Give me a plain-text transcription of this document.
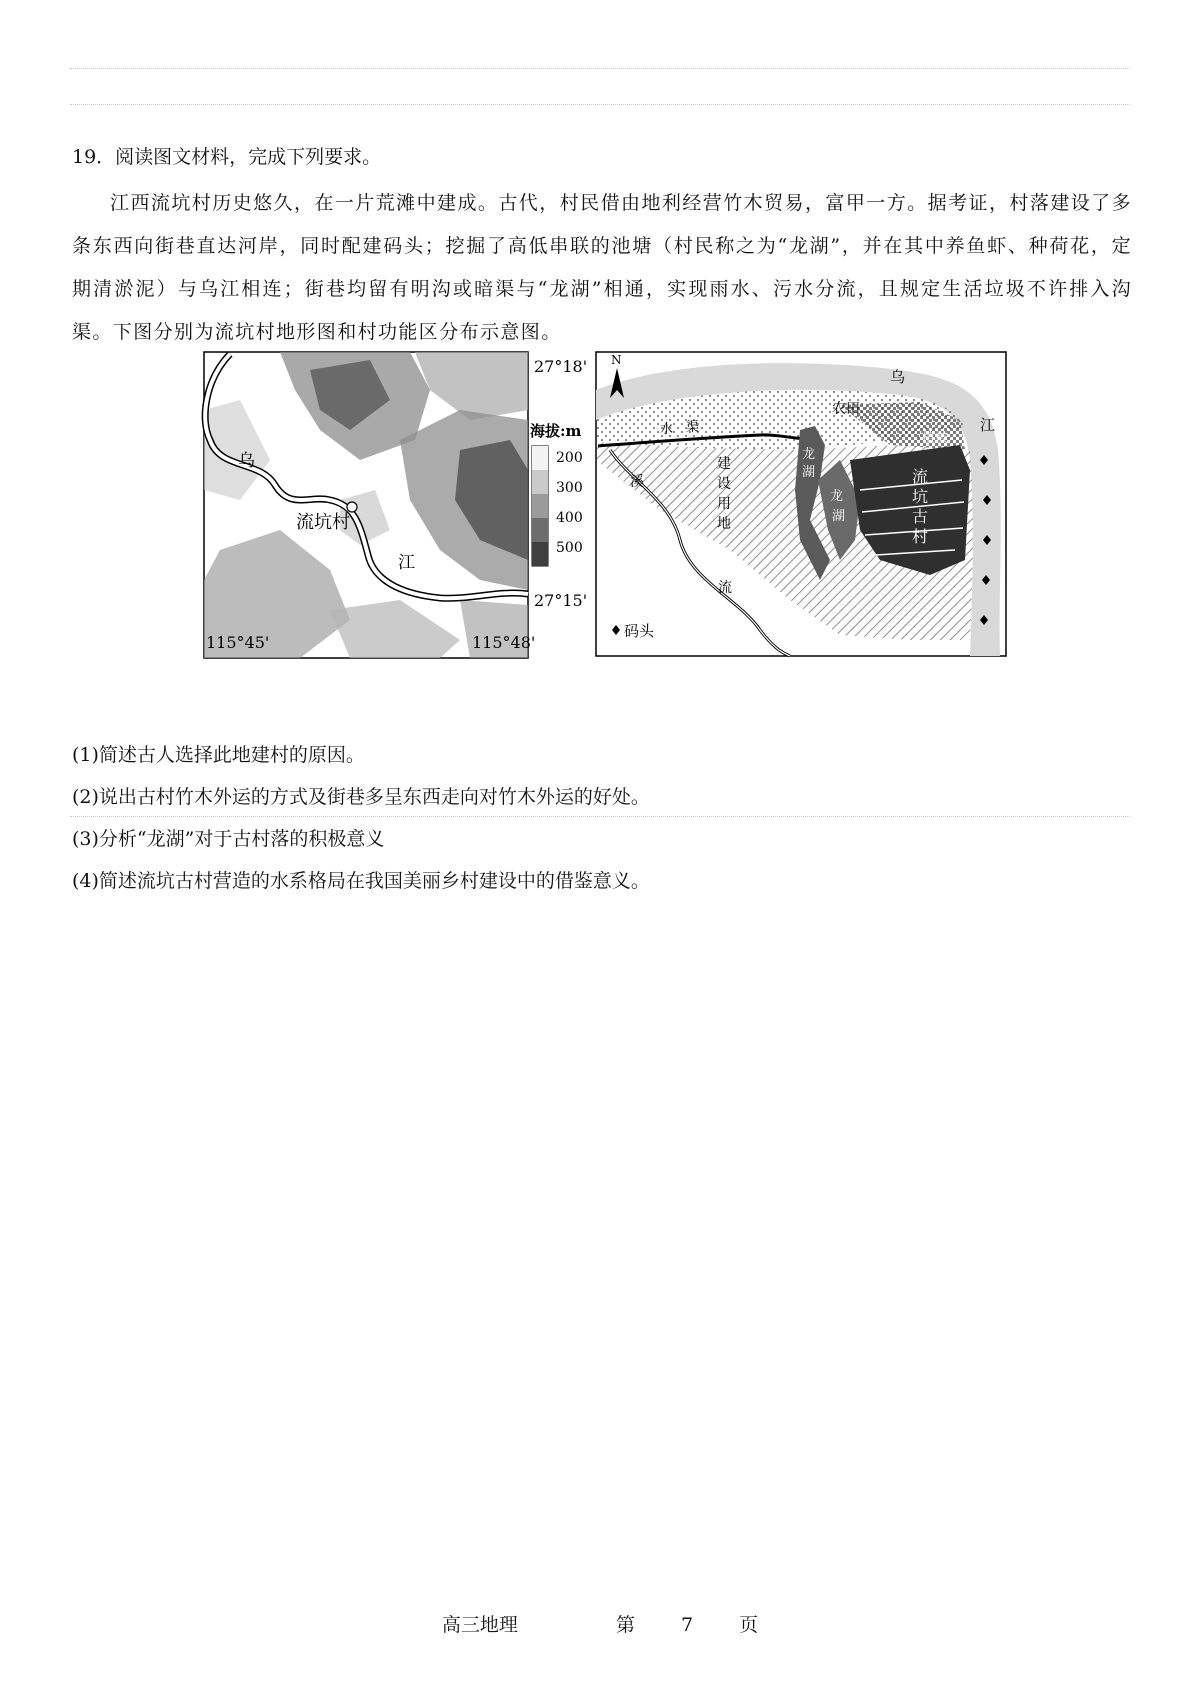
19．阅读图文材料，完成下列要求。
江西流坑村历史悠久，在一片荒滩中建成。古代，村民借由地利经营竹木贸易，富甲一方。据考证，村落建设了多条东西向街巷直达河岸，同时配建码头；挖掘了高低串联的池塘（村民称之为“龙湖”，并在其中养鱼虾、种荷花，定期清淤泥）与乌江相连；街巷均留有明沟或暗渠与“龙湖”相通，实现雨水、污水分流，且规定生活垃圾不许排入沟渠。下图分别为流坑村地形图和村功能区分布示意图。
乌
江
流坑村
海拔:m
200
300
400
500
27°18'
27°15'
115°45'	115°48'
N
乌
江
农田
植被
水 渠
建
设
用
地
龙
湖
龙
湖
流
坑
古
村
溪
流
码头
(1)简述古人选择此地建村的原因。
(2)说出古村竹木外运的方式及街巷多呈东西走向对竹木外运的好处。
(3)分析“龙湖”对于古村落的积极意义
(4)简述流坑古村营造的水系格局在我国美丽乡村建设中的借鉴意义。
高三地理	第 7 页
